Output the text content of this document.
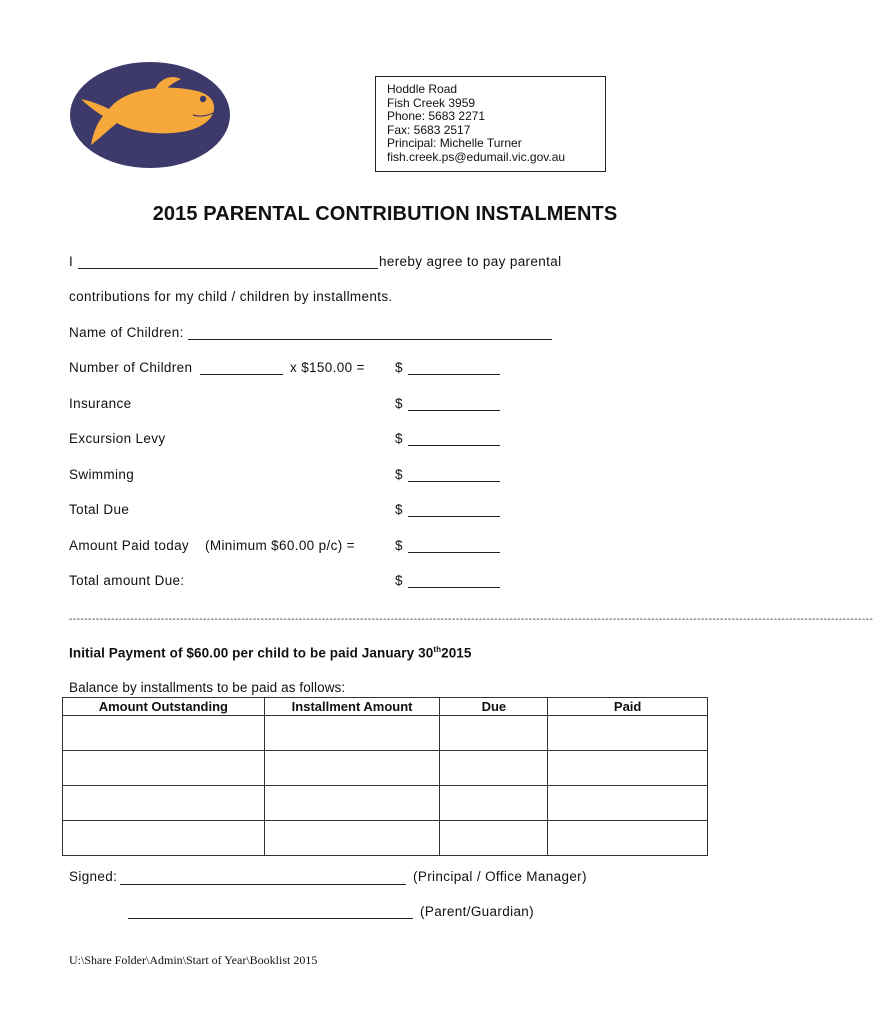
Hoddle Road
Fish Creek 3959
Phone: 5683 2271
Fax: 5683 2517
Principal: Michelle Turner
fish.creek.ps@edumail.vic.gov.au
2015 PARENTAL CONTRIBUTION INSTALMENTS
I	hereby agree to pay parental
contributions for my child / children by installments.
Name of Children:
Number of Children	x $150.00 = $
Insurance	$
Excursion Levy	$
Swimming	$
Total Due	$
Amount Paid today (Minimum $60.00 p/c) =	$
Total amount Due:	$
------------------------------------------------------------------------------------------------------------------------------------------------------------------------------------------------------------------
Initial Payment of $60.00 per child to be paid January 30th2015
Balance by installments to be paid as follows:
Amount Outstanding	Installment Amount	Due	Paid

Signed:	(Principal / Office Manager)
(Parent/Guardian)
U:\Share Folder\Admin\Start of Year\Booklist 2015
